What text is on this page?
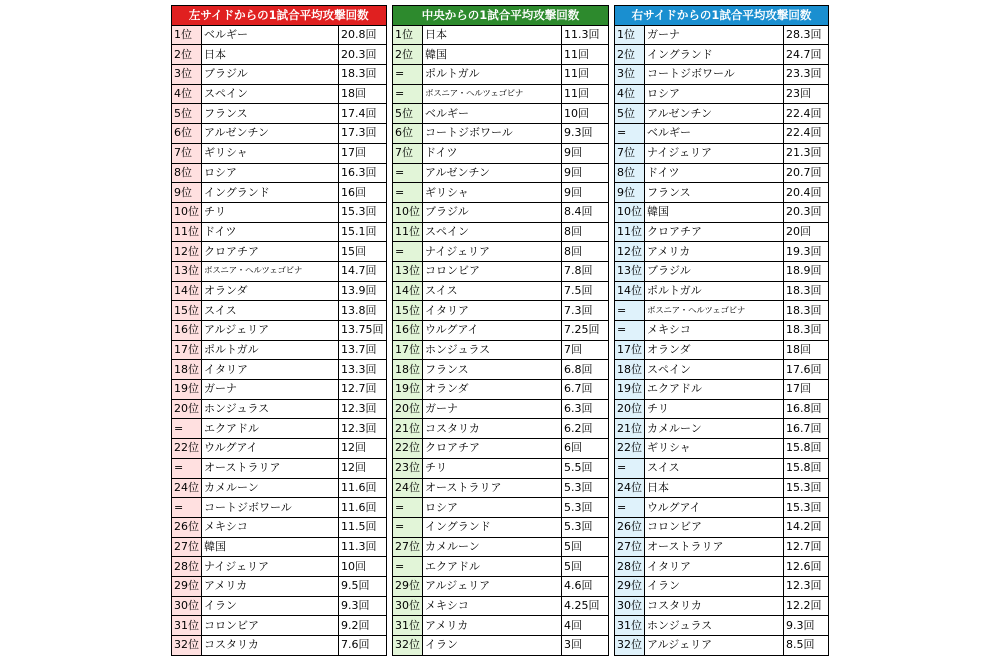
左サイドからの1試合平均攻撃回数		
1位	ベルギー	20.8回
2位	日本	20.3回
3位	ブラジル	18.3回
4位	スペイン	18回
5位	フランス	17.4回
6位	アルゼンチン	17.3回
7位	ギリシャ	17回
8位	ロシア	16.3回
9位	イングランド	16回
10位	チリ	15.3回
11位	ドイツ	15.1回
12位	クロアチア	15回
13位	ボスニア・ヘルツェゴビナ	14.7回
14位	オランダ	13.9回
15位	スイス	13.8回
16位	アルジェリア	13.75回
17位	ポルトガル	13.7回
18位	イタリア	13.3回
19位	ガーナ	12.7回
20位	ホンジュラス	12.3回
=	エクアドル	12.3回
22位	ウルグアイ	12回
=	オーストラリア	12回
24位	カメルーン	11.6回
=	コートジボワール	11.6回
26位	メキシコ	11.5回
27位	韓国	11.3回
28位	ナイジェリア	10回
29位	アメリカ	9.5回
30位	イラン	9.3回
31位	コロンビア	9.2回
32位	コスタリカ	7.6回
中央からの1試合平均攻撃回数		
1位	日本	11.3回
2位	韓国	11回
=	ポルトガル	11回
=	ボスニア・ヘルツェゴビナ	11回
5位	ベルギー	10回
6位	コートジボワール	9.3回
7位	ドイツ	9回
=	アルゼンチン	9回
=	ギリシャ	9回
10位	ブラジル	8.4回
11位	スペイン	8回
=	ナイジェリア	8回
13位	コロンビア	7.8回
14位	スイス	7.5回
15位	イタリア	7.3回
16位	ウルグアイ	7.25回
17位	ホンジュラス	7回
18位	フランス	6.8回
19位	オランダ	6.7回
20位	ガーナ	6.3回
21位	コスタリカ	6.2回
22位	クロアチア	6回
23位	チリ	5.5回
24位	オーストラリア	5.3回
=	ロシア	5.3回
=	イングランド	5.3回
27位	カメルーン	5回
=	エクアドル	5回
29位	アルジェリア	4.6回
30位	メキシコ	4.25回
31位	アメリカ	4回
32位	イラン	3回
右サイドからの1試合平均攻撃回数		
1位	ガーナ	28.3回
2位	イングランド	24.7回
3位	コートジボワール	23.3回
4位	ロシア	23回
5位	アルゼンチン	22.4回
=	ベルギー	22.4回
7位	ナイジェリア	21.3回
8位	ドイツ	20.7回
9位	フランス	20.4回
10位	韓国	20.3回
11位	クロアチア	20回
12位	アメリカ	19.3回
13位	ブラジル	18.9回
14位	ポルトガル	18.3回
=	ボスニア・ヘルツェゴビナ	18.3回
=	メキシコ	18.3回
17位	オランダ	18回
18位	スペイン	17.6回
19位	エクアドル	17回
20位	チリ	16.8回
21位	カメルーン	16.7回
22位	ギリシャ	15.8回
=	スイス	15.8回
24位	日本	15.3回
=	ウルグアイ	15.3回
26位	コロンビア	14.2回
27位	オーストラリア	12.7回
28位	イタリア	12.6回
29位	イラン	12.3回
30位	コスタリカ	12.2回
31位	ホンジュラス	9.3回
32位	アルジェリア	8.5回
